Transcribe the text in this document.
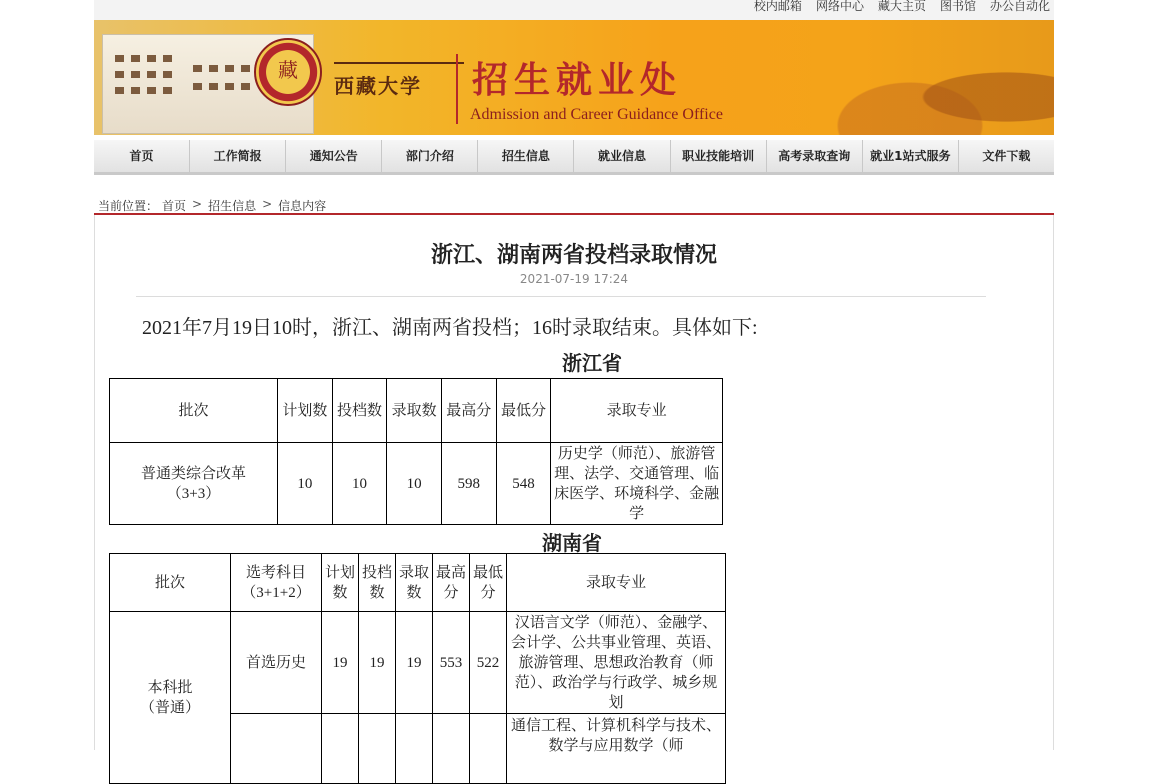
校内邮箱 网络中心 藏大主页 图书馆 办公自动化
藏
西藏大学 招生就业处
Admission and Career Guidance Office
首页	工作简报	通知公告	部门介绍	招生信息	就业信息	职业技能培训	高考录取查询	就业1站式服务	文件下载
当前位置： 首页 > 招生信息 > 信息内容
浙江、湖南两省投档录取情况
2021-07-19 17:24
2021年7月19日10时，浙江、湖南两省投档；16时录取结束。具体如下:
浙江省
批次	计划数	投档数	录取数	最高分	最低分	录取专业
普通类综合改革（3+3）	10	10	10	598	548	历史学（师范）、旅游管理、法学、交通管理、临床医学、环境科学、金融学
湖南省
批次	选考科目（3+1+2）	计划数	投档数	录取数	最高分	最低分	录取专业
本科批（普通）	首选历史	19	19	19	553	522	汉语言文学（师范）、金融学、会计学、公共事业管理、英语、旅游管理、思想政治教育（师范）、政治学与行政学、城乡规划
							通信工程、计算机科学与技术、数学与应用数学（师
